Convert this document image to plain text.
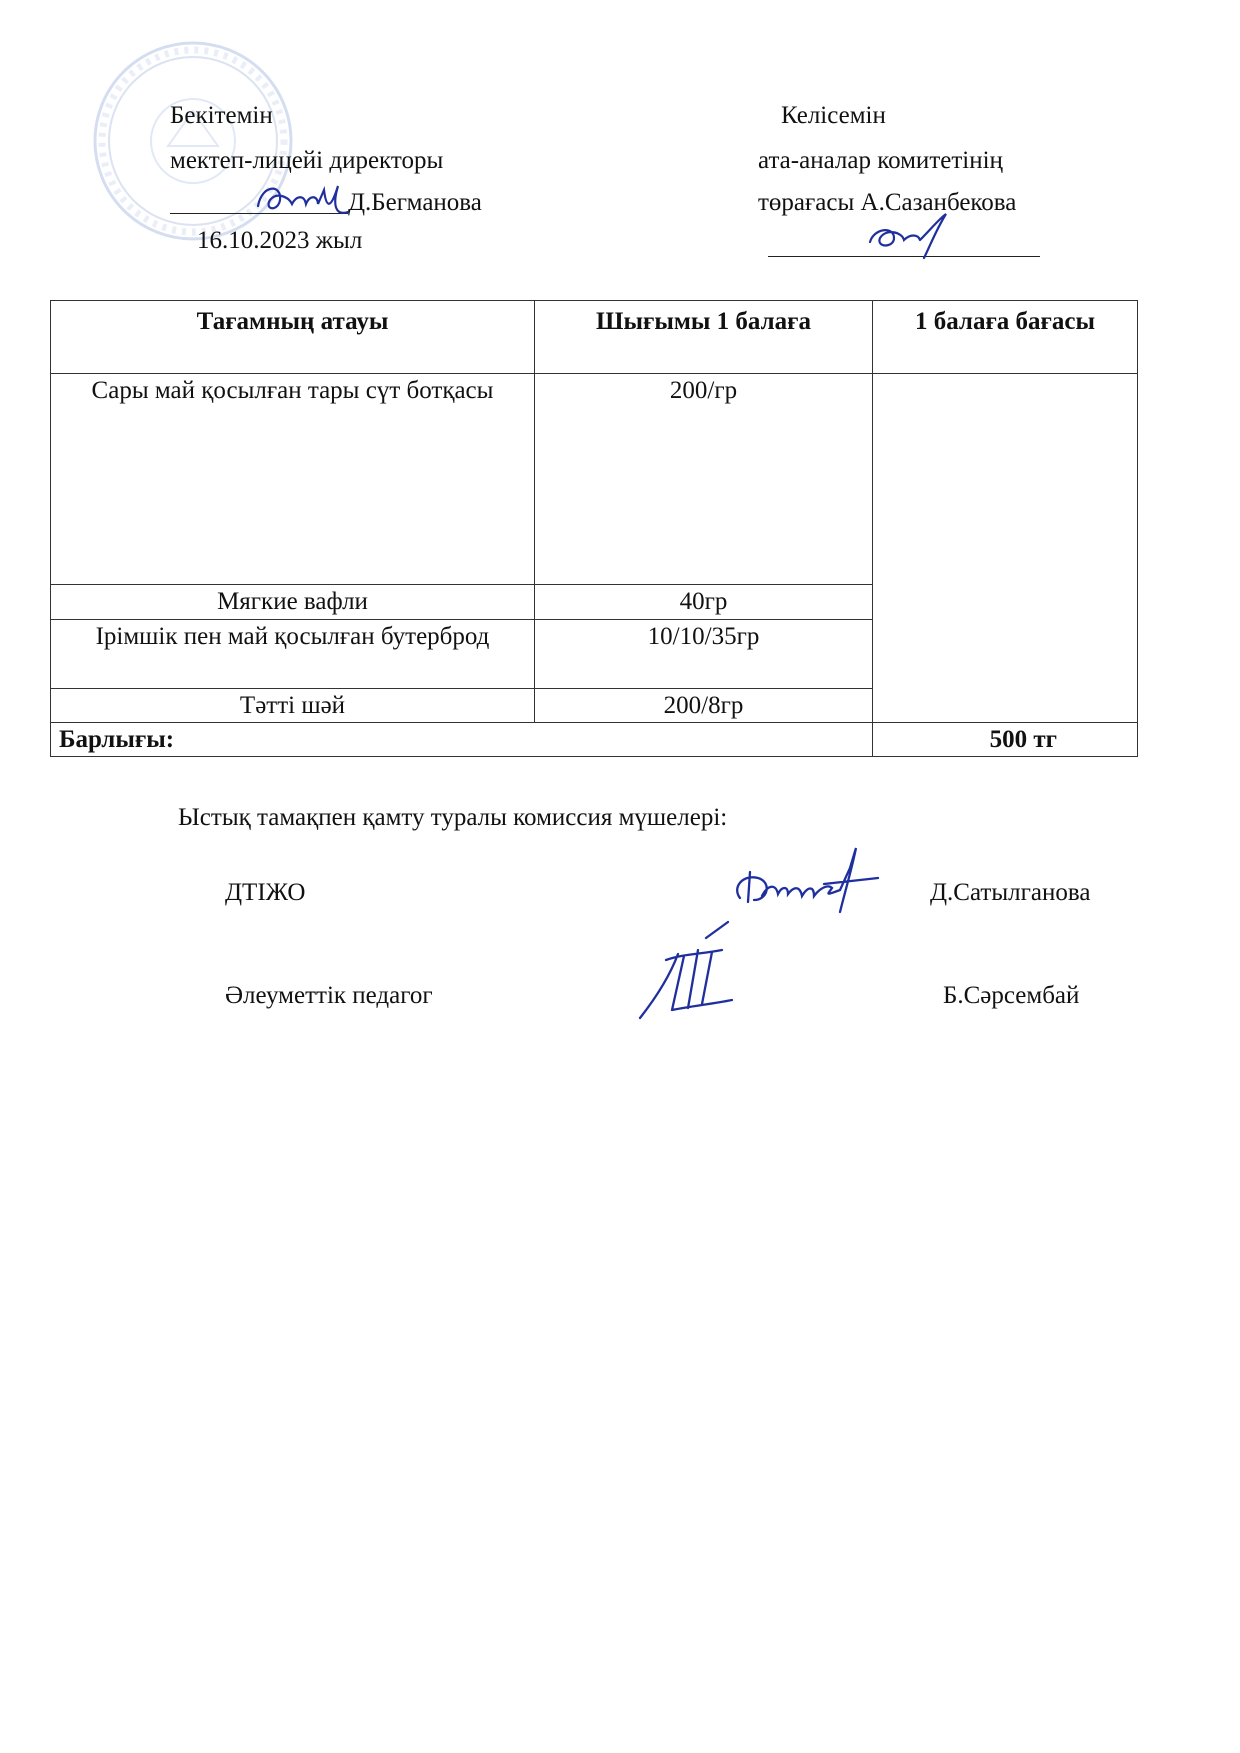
Бекітемін
мектеп-лицейі директоры
Д.Бегманова
16.10.2023 жыл
Келісемін
ата-аналар комитетінің
төрағасы А.Сазанбекова
Тағамның атауы	Шығымы 1 балаға	1 балаға бағасы
Сары май қосылған тары сүт ботқасы	200/гр	
Мягкие вафли	40гр	
Ірімшік пен май қосылған бутерброд	10/10/35гр	
Тәтті шәй	200/8гр	
Барлығы:		500 тг
Ыстық тамақпен қамту туралы комиссия мүшелері:
ДТІЖО	Д.Сатылганова
Әлеуметтік педагог	Б.Сәрсембай
